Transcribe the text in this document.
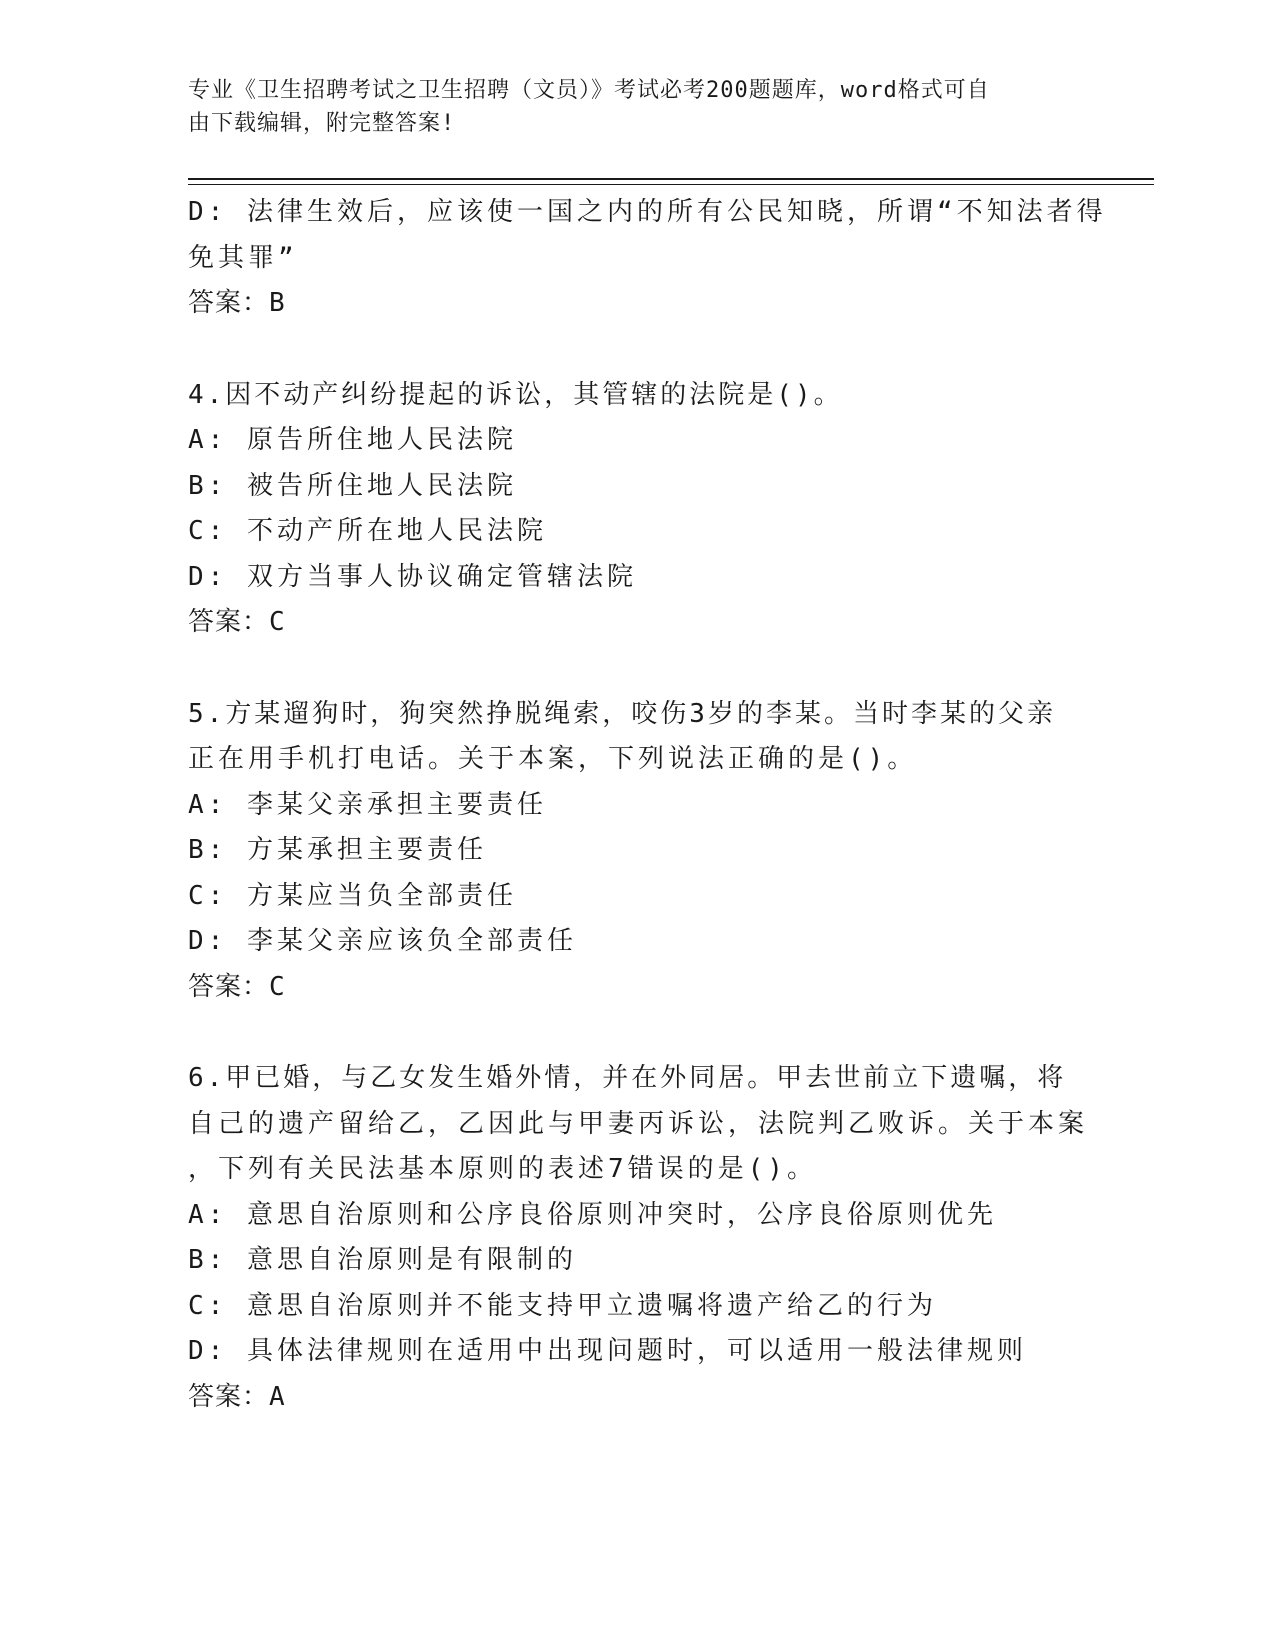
专业《卫生招聘考试之卫生招聘（文员）》考试必考200题题库，word格式可自
由下载编辑，附完整答案!
D: 法律生效后，应该使一国之内的所有公民知晓，所谓“不知法者得
免其罪”
答案：B
4.因不动产纠纷提起的诉讼，其管辖的法院是()。
A: 原告所住地人民法院
B: 被告所住地人民法院
C: 不动产所在地人民法院
D: 双方当事人协议确定管辖法院
答案：C
5.方某遛狗时，狗突然挣脱绳索，咬伤3岁的李某。当时李某的父亲
正在用手机打电话。关于本案，下列说法正确的是()。
A: 李某父亲承担主要责任
B: 方某承担主要责任
C: 方某应当负全部责任
D: 李某父亲应该负全部责任
答案：C
6.甲已婚，与乙女发生婚外情，并在外同居。甲去世前立下遗嘱，将
自己的遗产留给乙，乙因此与甲妻丙诉讼，法院判乙败诉。关于本案
，下列有关民法基本原则的表述7错误的是()。
A: 意思自治原则和公序良俗原则冲突时，公序良俗原则优先
B: 意思自治原则是有限制的
C: 意思自治原则并不能支持甲立遗嘱将遗产给乙的行为
D: 具体法律规则在适用中出现问题时，可以适用一般法律规则
答案：A
